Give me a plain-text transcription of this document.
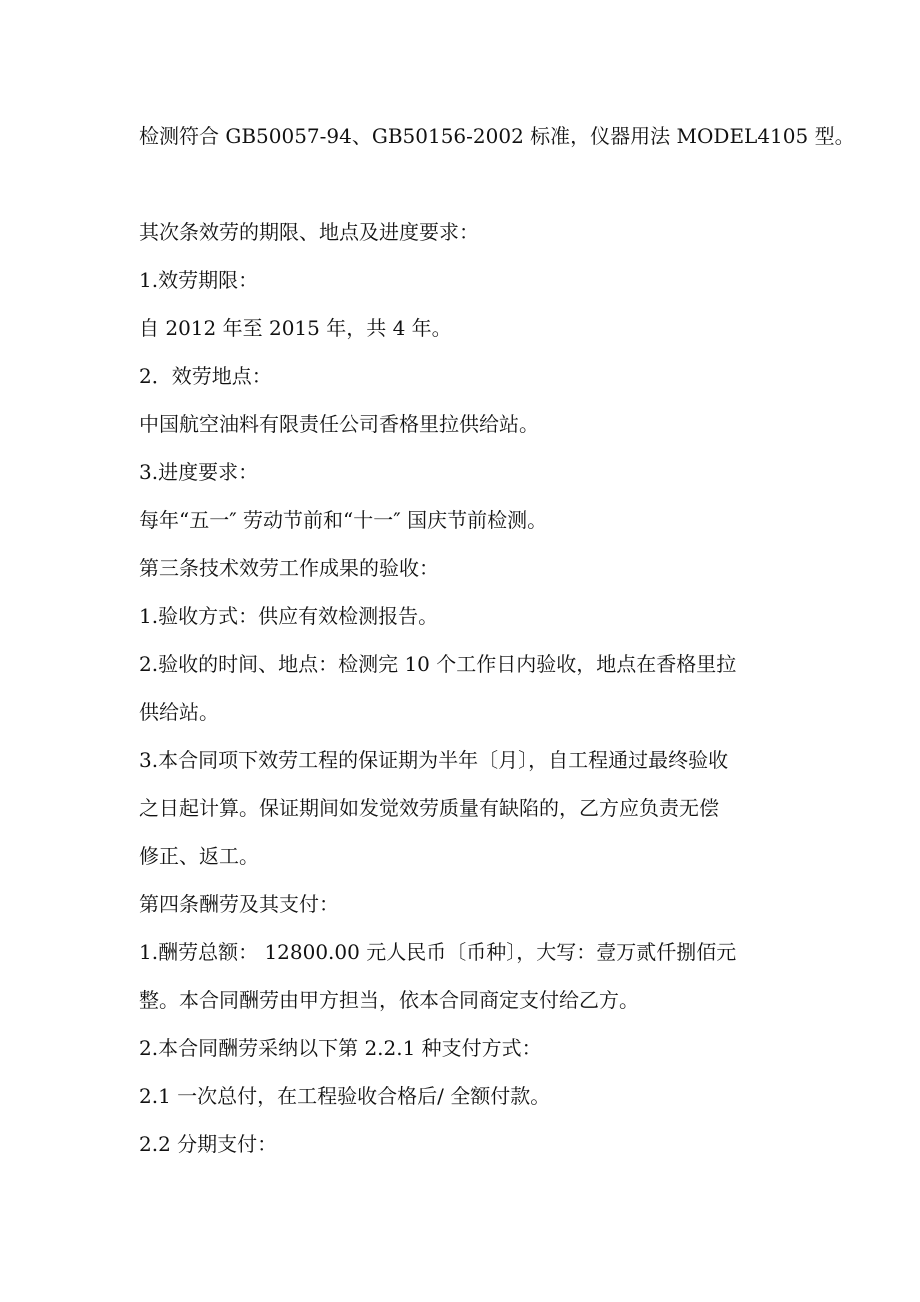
检测符合 GB50057-94、GB50156-2002 标准，仪器用法 MODEL4105 型。
其次条效劳的期限、地点及进度要求：
1.效劳期限：
自 2012 年至 2015 年，共 4 年。
2．效劳地点：
中国航空油料有限责任公司香格里拉供给站。
3.进度要求：
每年“五一″ 劳动节前和“十一″ 国庆节前检测。
第三条技术效劳工作成果的验收：
1.验收方式：供应有效检测报告。
2.验收的时间、地点：检测完 10 个工作日内验收，地点在香格里拉
供给站。
3.本合同项下效劳工程的保证期为半年〔月〕，自工程通过最终验收
之日起计算。保证期间如发觉效劳质量有缺陷的，乙方应负责无偿
修正、返工。
第四条酬劳及其支付：
1.酬劳总额： 12800.00 元人民币〔币种〕，大写：壹万贰仟捌佰元
整。本合同酬劳由甲方担当，依本合同商定支付给乙方。
2.本合同酬劳采纳以下第 2.2.1 种支付方式：
2.1 一次总付，在工程验收合格后/ 全额付款。
2.2 分期支付：
